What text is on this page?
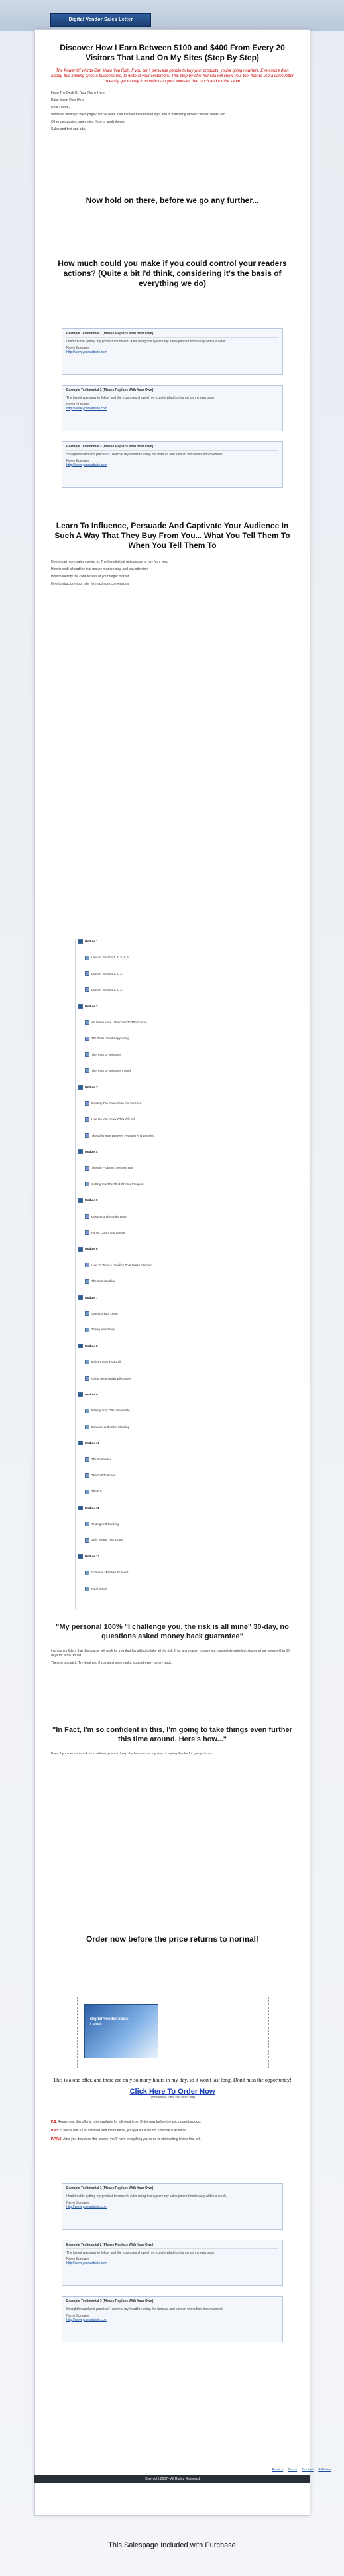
Digital Vendor Sales Letter
Discover How I Earn Between $100 and $400 From Every 20 Visitors That Land On My Sites (Step By Step)
The Power Of Words Can Make You Rich. If you can't persuade people to buy your products, you're going nowhere. Even more than happy, this training gives a business me, to write at your customers! This step-by-step formula will show you, too, how to use a sales letter to easily get money from visitors to your website, that much and for the same

From The Desk Of: Your Name Here

Date: Insert Date Here

Dear Friend,

Whoever visiting a WEB page? You've been able to meet the demand right and in marketing of new chapter, hours, etc.

Other persuasion, sales sites (how to apply them).

Sales and text and ads.

Now hold on there, before we go any further...
How much could you make if you could control your readers actions? (Quite a bit I'd think, considering it's the basis of everything we do)
Example Testimonial 1 (Please Replace With Your Own)
I had trouble getting my product to convert. After using this system my sales jumped noticeably within a week.
Name Surname
http://www.yourwebsite.com
Example Testimonial 2 (Please Replace With Your Own)
The layout was easy to follow and the examples showed me exactly what to change on my own page.
Name Surname
http://www.yourwebsite.com
Example Testimonial 3 (Please Replace With Your Own)
Straightforward and practical. I rewrote my headline using the formula and saw an immediate improvement.
Name Surname
http://www.yourwebsite.com
Learn To Influence, Persuade And Captivate Your Audience In Such A Way That They Buy From You... What You Tell Them To When You Tell Them To

How to get more sales coming in. The formula that gets people to buy from you.

How to craft a headline that makes readers stop and pay attention.

How to identify the core desires of your target market.

How to structure your offer for maximum conversions.

Module 1
Lesson: Section 1, 2, 3, 4, 5
Lesson: Section 1, 2, 3
Lesson: Section 1, 2, 3
Module 2
An Introduction - Welcome To The Course
The Truth About Copywriting
The Truth 2 - Mistakes
The Truth 3 - Mistakes In Web
Module 3
Building The Foundation For Success
How Do You Know What Will Sell
The Difference Between Features And Benefits
Module 4
The Big Problem Everyone Has
Getting Into The Mind Of Your Prospect
Module 5
Designing The Sales Letter
Fonts, Colors and Layout
Module 6
How To Write A Headline That Grabs Attention
The Sub-Headline
Module 7
Opening Your Letter
Telling Your Story
Module 8
Bullet Points That Sell
Using Testimonials Effectively
Module 9
Making Your Offer Irresistible
Bonuses and Value Stacking
Module 10
The Guarantee
The Call To Action
The P.S.
Module 11
Testing And Tracking
Split Testing Your Letter
Module 12
Common Mistakes To Avoid
Final Words
"My personal 100% "I challenge you, the risk is all mine" 30-day, no questions asked money back guarantee"

I am so confident that this course will work for you that I'm willing to take all the risk. If for any reason you are not completely satisfied, simply let me know within 30 days for a full refund.

There is no catch. Try it out and if you don't see results, you get every penny back.

"In Fact, I'm so confident in this, I'm going to take things even further this time around. Here's how..."

Even if you decide to ask for a refund, you can keep the bonuses as my way of saying thanks for giving it a try.

Order now before the price returns to normal!
Digital Vendor Sales Letter
This is a one offer, and there are only so many hours in my day, so it won't last long. Don't miss the opportunity!
Click Here To Order Now
(Immediate, This site is no fee)

P.S. Remember, this offer is only available for a limited time. Order now before the price goes back up.

P.P.S. If you're not 100% satisfied with the material, you get a full refund. The risk is all mine.

P.P.P.S. After you download this course, you'll have everything you need to start writing letters that sell.

Example Testimonial 1 (Please Replace With Your Own)
I had trouble getting my product to convert. After using this system my sales jumped noticeably within a week.
Name Surname
http://www.yourwebsite.com
Example Testimonial 2 (Please Replace With Your Own)
The layout was easy to follow and the examples showed me exactly what to change on my own page.
Name Surname
http://www.yourwebsite.com
Example Testimonial 3 (Please Replace With Your Own)
Straightforward and practical. I rewrote my headline using the formula and saw an immediate improvement.
Name Surname
http://www.yourwebsite.com
Privacy Terms Contact Affiliates
Copyright 2007 - All Rights Reserved
This Salespage Included with Purchase
